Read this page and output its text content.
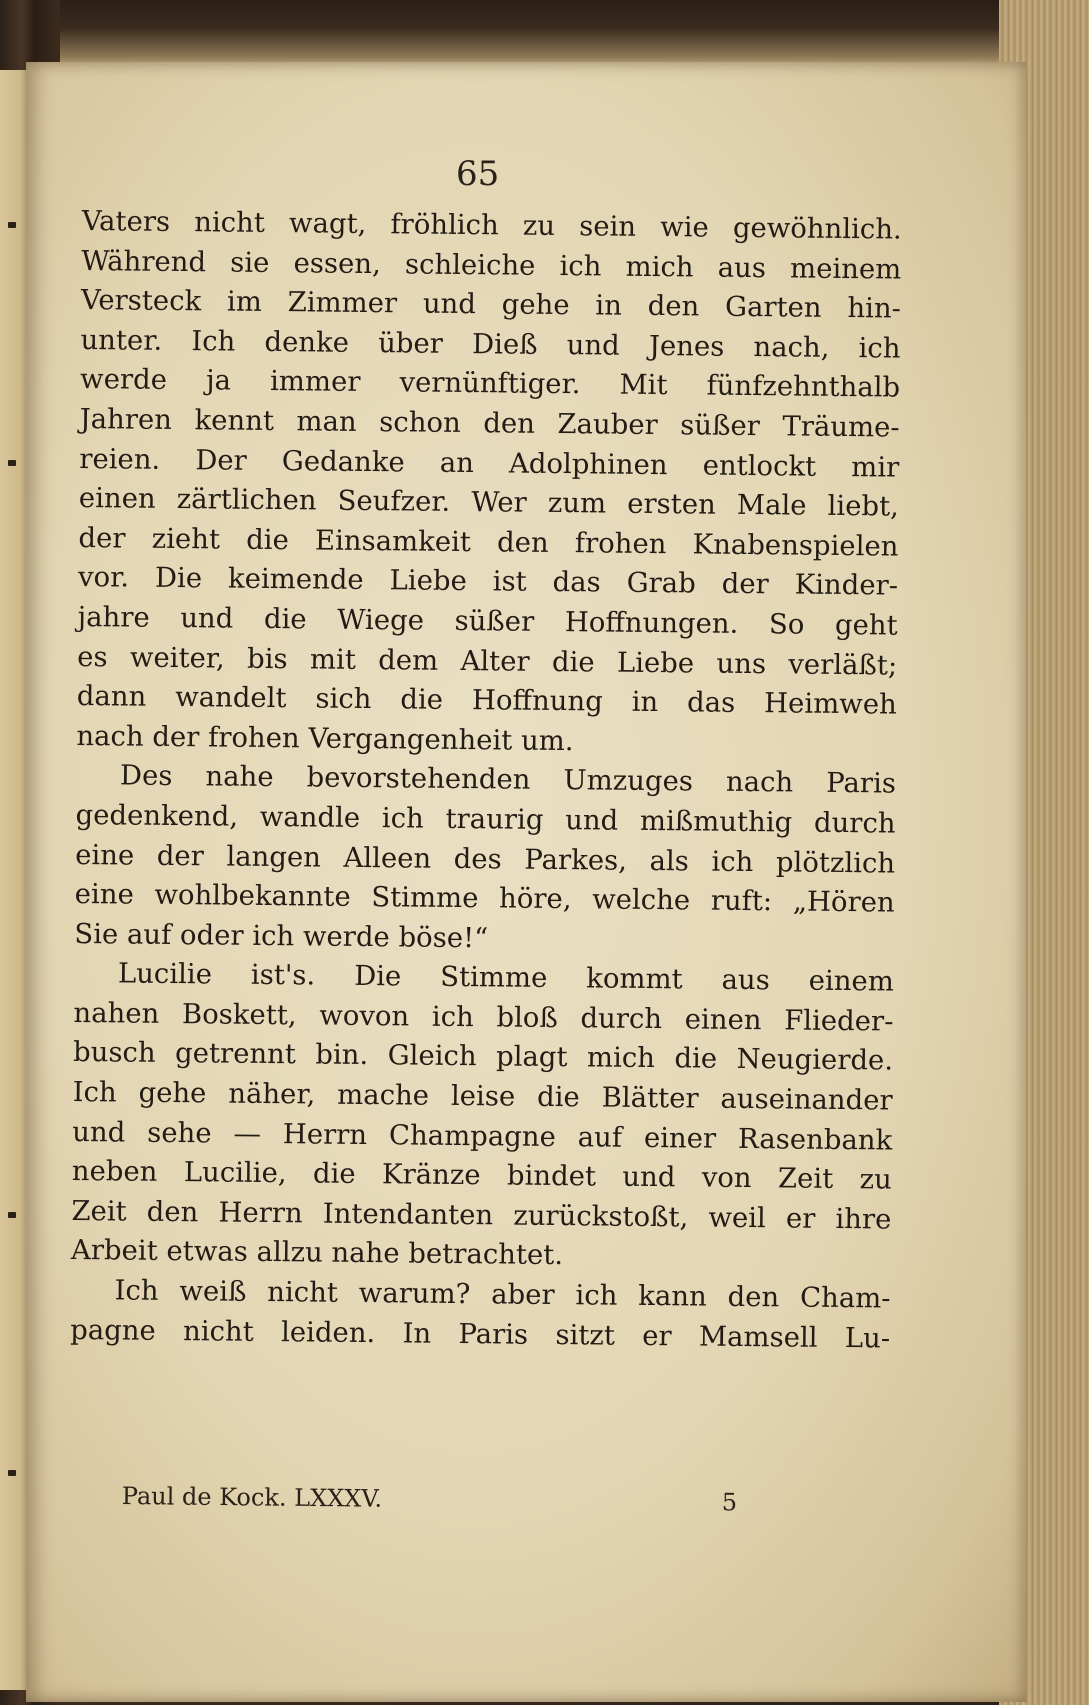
65
Vaters nicht wagt, fröhlich zu sein wie gewöhnlich.
Während sie essen, schleiche ich mich aus meinem
Versteck im Zimmer und gehe in den Garten hin-
unter. Ich denke über Dieß und Jenes nach, ich
werde ja immer vernünftiger. Mit fünfzehnthalb
Jahren kennt man schon den Zauber süßer Träume-
reien. Der Gedanke an Adolphinen entlockt mir
einen zärtlichen Seufzer. Wer zum ersten Male liebt,
der zieht die Einsamkeit den frohen Knabenspielen
vor. Die keimende Liebe ist das Grab der Kinder-
jahre und die Wiege süßer Hoffnungen. So geht
es weiter, bis mit dem Alter die Liebe uns verläßt;
dann wandelt sich die Hoffnung in das Heimweh
nach der frohen Vergangenheit um.
Des nahe bevorstehenden Umzuges nach Paris
gedenkend, wandle ich traurig und mißmuthig durch
eine der langen Alleen des Parkes, als ich plötzlich
eine wohlbekannte Stimme höre, welche ruft: „Hören
Sie auf oder ich werde böse!“
Lucilie ist's. Die Stimme kommt aus einem
nahen Boskett, wovon ich bloß durch einen Flieder-
busch getrennt bin. Gleich plagt mich die Neugierde.
Ich gehe näher, mache leise die Blätter auseinander
und sehe — Herrn Champagne auf einer Rasenbank
neben Lucilie, die Kränze bindet und von Zeit zu
Zeit den Herrn Intendanten zurückstoßt, weil er ihre
Arbeit etwas allzu nahe betrachtet.
Ich weiß nicht warum? aber ich kann den Cham-
pagne nicht leiden. In Paris sitzt er Mamsell Lu-
Paul de Kock. LXXXV.	5
